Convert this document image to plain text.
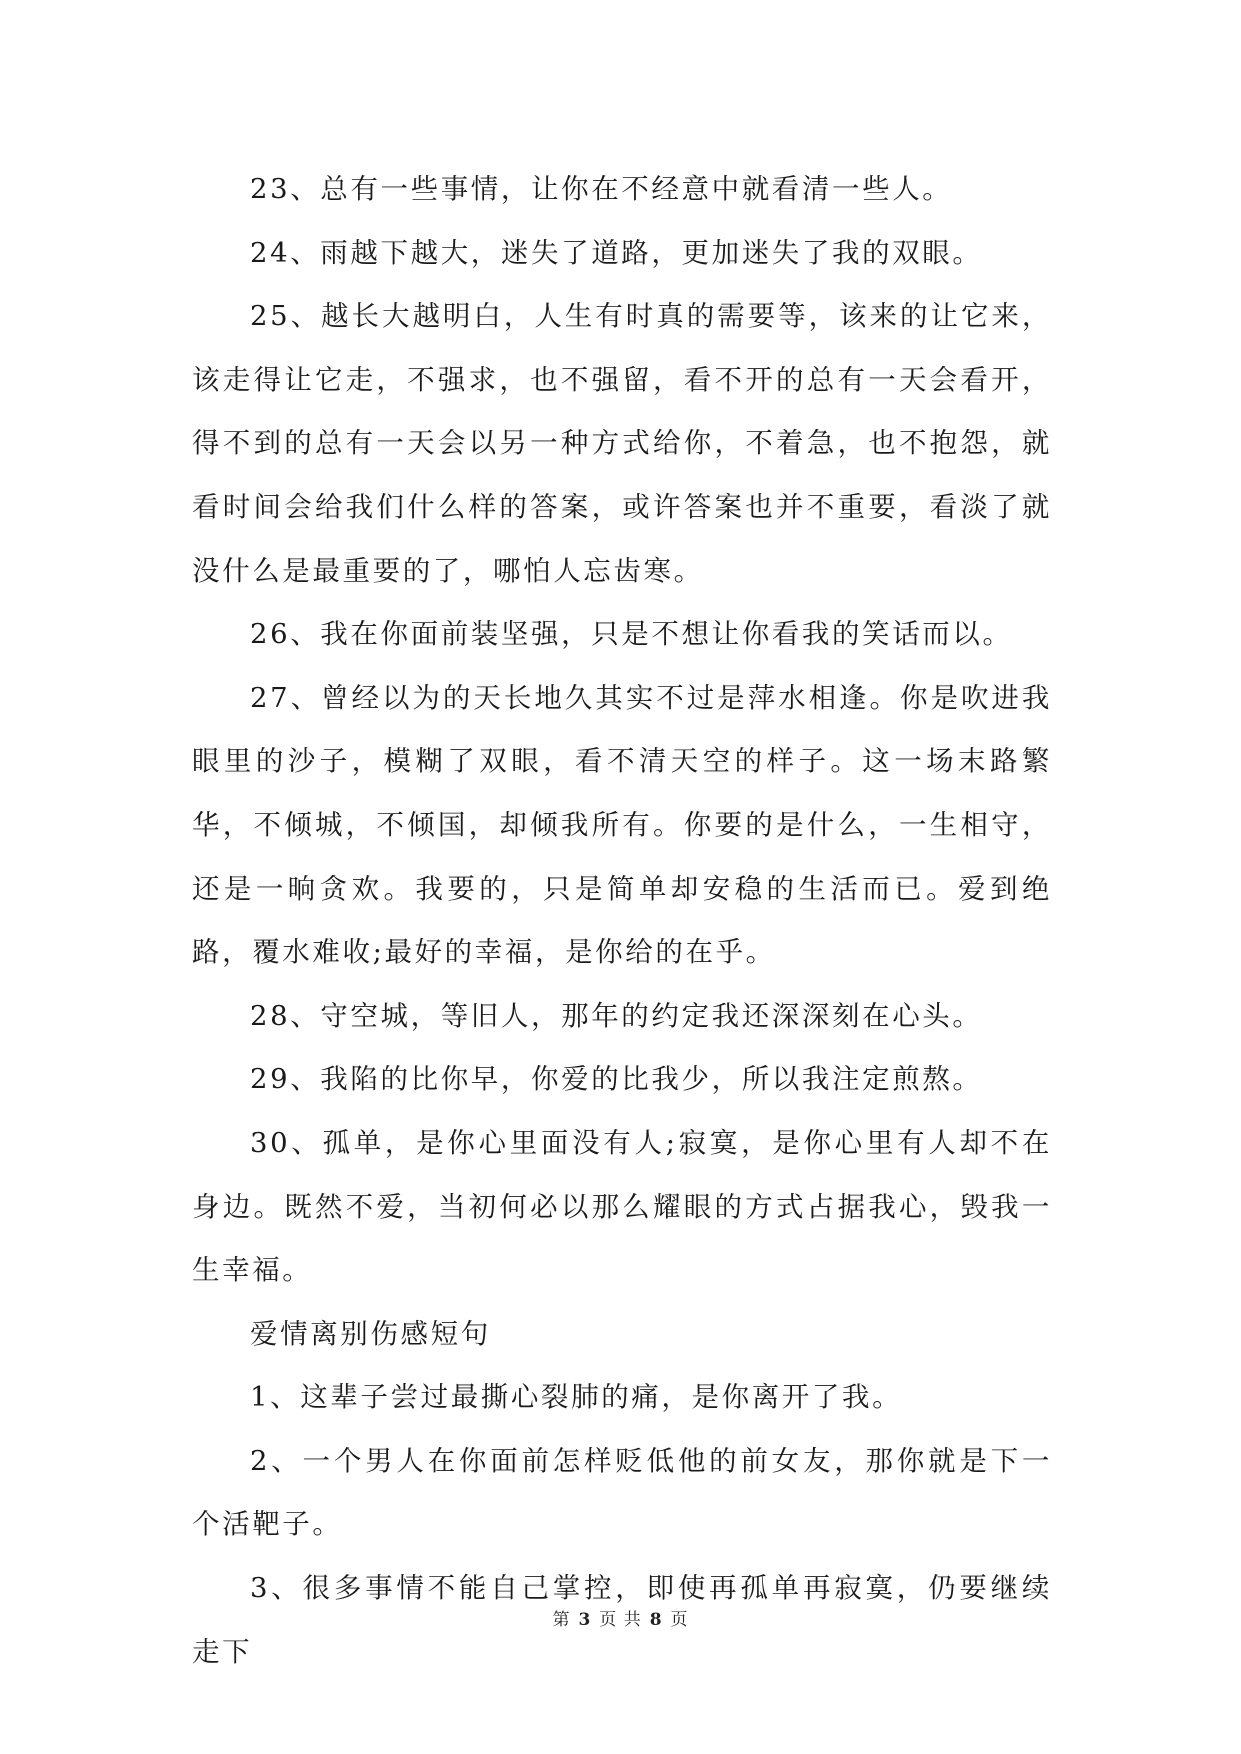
23、总有一些事情，让你在不经意中就看清一些人。

24、雨越下越大，迷失了道路，更加迷失了我的双眼。

25、越长大越明白，人生有时真的需要等，该来的让它来，该走得让它走，不强求，也不强留，看不开的总有一天会看开，得不到的总有一天会以另一种方式给你，不着急，也不抱怨，就看时间会给我们什么样的答案，或许答案也并不重要，看淡了就没什么是最重要的了，哪怕人忘齿寒。

26、我在你面前装坚强，只是不想让你看我的笑话而以。

27、曾经以为的天长地久其实不过是萍水相逢。你是吹进我眼里的沙子，模糊了双眼，看不清天空的样子。这一场末路繁华，不倾城，不倾国，却倾我所有。你要的是什么，一生相守，还是一晌贪欢。我要的，只是简单却安稳的生活而已。爱到绝路，覆水难收;最好的幸福，是你给的在乎。

28、守空城，等旧人，那年的约定我还深深刻在心头。

29、我陷的比你早，你爱的比我少，所以我注定煎熬。

30、孤单，是你心里面没有人;寂寞，是你心里有人却不在身边。既然不爱，当初何必以那么耀眼的方式占据我心，毁我一生幸福。

爱情离别伤感短句

1、这辈子尝过最撕心裂肺的痛，是你离开了我。

2、一个男人在你面前怎样贬低他的前女友，那你就是下一个活靶子。

3、很多事情不能自己掌控，即使再孤单再寂寞，仍要继续走下

第 3 页 共 8 页
